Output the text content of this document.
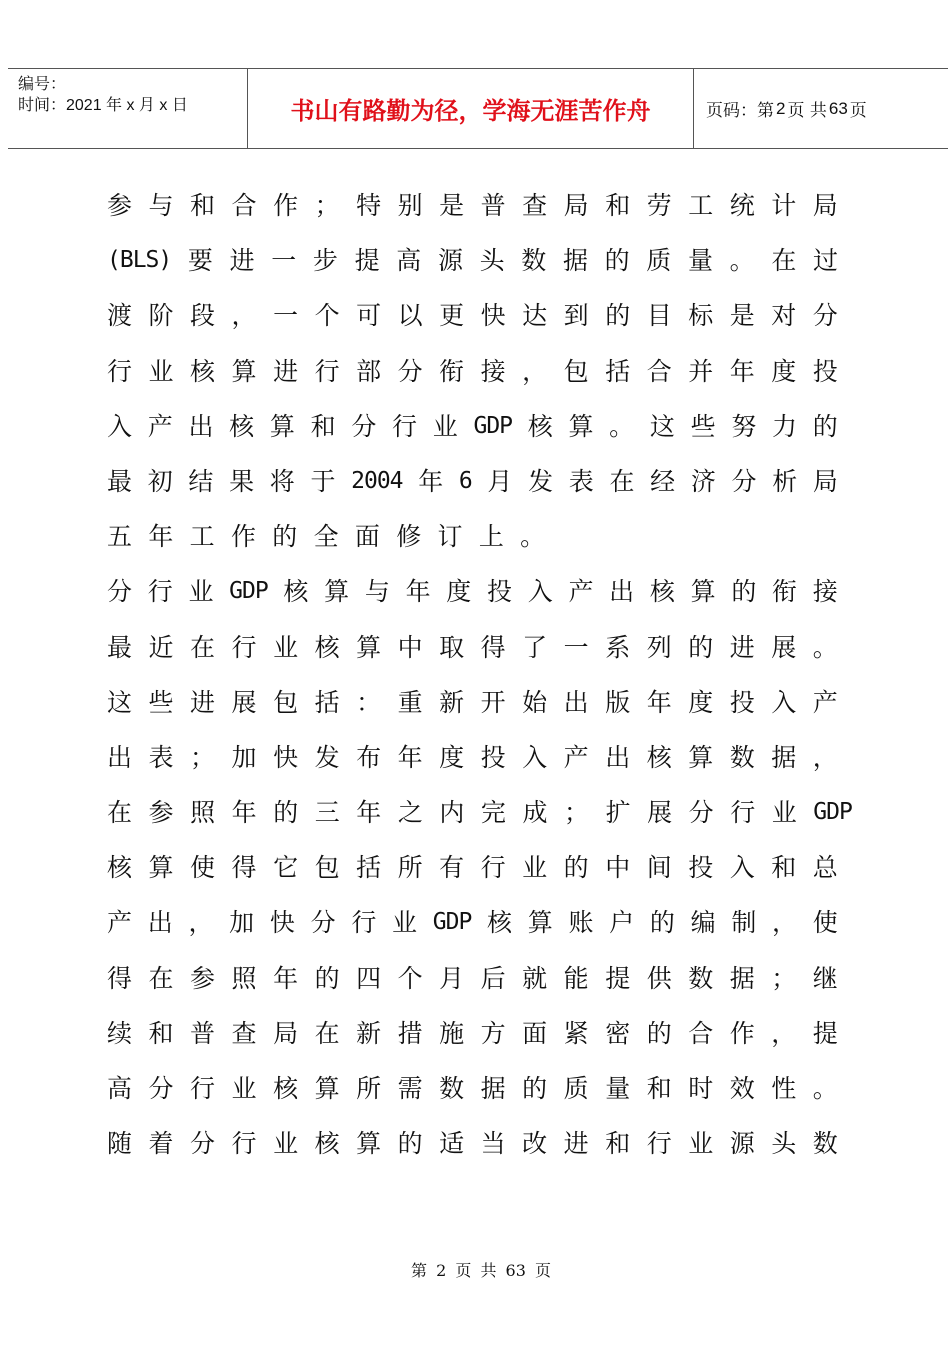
编号：
时间：2021 年 x 月 x 日	书山有路勤为径，学海无涯苦作舟	页码：第 2 页 共 63 页
参 与 和 合 作 ； 特 别 是 普 查 局 和 劳 工 统 计 局
(BLS) 要 进 一 步 提 高 源 头 数 据 的 质 量 。 在 过
渡 阶 段 ， 一 个 可 以 更 快 达 到 的 目 标 是 对 分
行 业 核 算 进 行 部 分 衔 接 ， 包 括 合 并 年 度 投
入 产 出 核 算 和 分 行 业 GDP 核 算 。 这 些 努 力 的
最 初 结 果 将 于 2004 年 6 月 发 表 在 经 济 分 析 局
五 年 工 作 的 全 面 修 订 上 。
分 行 业 GDP 核 算 与 年 度 投 入 产 出 核 算 的 衔 接
最 近 在 行 业 核 算 中 取 得 了 一 系 列 的 进 展 。
这 些 进 展 包 括 ： 重 新 开 始 出 版 年 度 投 入 产
出 表 ； 加 快 发 布 年 度 投 入 产 出 核 算 数 据 ，
在 参 照 年 的 三 年 之 内 完 成 ； 扩 展 分 行 业 GDP
核 算 使 得 它 包 括 所 有 行 业 的 中 间 投 入 和 总
产 出 ， 加 快 分 行 业 GDP 核 算 账 户 的 编 制 ， 使
得 在 参 照 年 的 四 个 月 后 就 能 提 供 数 据 ； 继
续 和 普 查 局 在 新 措 施 方 面 紧 密 的 合 作 ， 提
高 分 行 业 核 算 所 需 数 据 的 质 量 和 时 效 性 。
随 着 分 行 业 核 算 的 适 当 改 进 和 行 业 源 头 数
第 2 页 共 63 页
